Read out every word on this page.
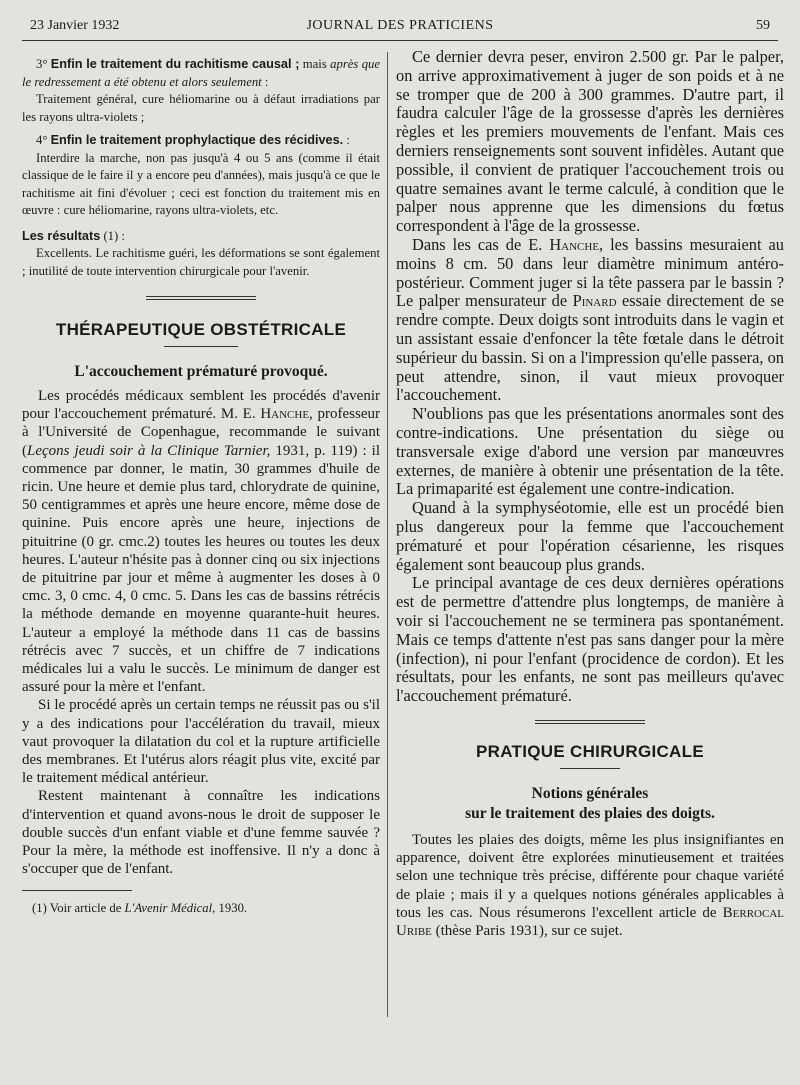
23 Janvier 1932	JOURNAL DES PRATICIENS	59

3° Enfin le traitement du rachitisme causal ; mais après que le redressement a été obtenu et alors seulement :

Traitement général, cure héliomarine ou à défaut irradiations par les rayons ultra-violets ;

4° Enfin le traitement prophylactique des récidives. :

Interdire la marche, non pas jusqu'à 4 ou 5 ans (comme il était classique de le faire il y a encore peu d'années), mais jusqu'à ce que le rachitisme ait fini d'évoluer ; ceci est fonction du traitement mis en œuvre : cure héliomarine, rayons ultra-violets, etc.

Les résultats (1) :

Excellents. Le rachitisme guéri, les déformations se sont également ; inutilité de toute intervention chirurgicale pour l'avenir.

THÉRAPEUTIQUE OBSTÉTRICALE

L'accouchement prématuré provoqué.

Les procédés médicaux semblent les procédés d'avenir pour l'accouchement prématuré. M. E. Hanche, professeur à l'Université de Copenhague, recommande le suivant (Leçons jeudi soir à la Clinique Tarnier, 1931, p. 119) : il commence par donner, le matin, 30 grammes d'huile de ricin. Une heure et demie plus tard, chlorydrate de quinine, 50 centigrammes et après une heure encore, même dose de quinine. Puis encore après une heure, injections de pituitrine (0 gr. cmc.2) toutes les heures ou toutes les deux heures. L'auteur n'hésite pas à donner cinq ou six injections de pituitrine par jour et même à augmenter les doses à 0 cmc. 3, 0 cmc. 4, 0 cmc. 5. Dans les cas de bassins rétrécis la méthode demande en moyenne quarante-huit heures. L'auteur a employé la méthode dans 11 cas de bassins rétrécis avec 7 succès, et un chiffre de 7 indications médicales lui a valu le succès. Le minimum de danger est assuré pour la mère et l'enfant.

Si le procédé après un certain temps ne réussit pas ou s'il y a des indications pour l'accélération du travail, mieux vaut provoquer la dilatation du col et la rupture artificielle des membranes. Et l'utérus alors réagit plus vite, excité par le traitement médical antérieur.

Restent maintenant à connaître les indications d'intervention et quand avons-nous le droit de supposer le double succès d'un enfant viable et d'une femme sauvée ? Pour la mère, la méthode est inoffensive. Il n'y a donc à s'occuper que de l'enfant.

(1) Voir article de L'Avenir Médical, 1930.

Ce dernier devra peser, environ 2.500 gr. Par le palper, on arrive approximativement à juger de son poids et à ne se tromper que de 200 à 300 grammes. D'autre part, il faudra calculer l'âge de la grossesse d'après les dernières règles et les premiers mouvements de l'enfant. Mais ces derniers renseignements sont souvent infidèles. Autant que possible, il convient de pratiquer l'accouchement trois ou quatre semaines avant le terme calculé, à condition que le palper nous apprenne que les dimensions du fœtus correspondent à l'âge de la grossesse.

Dans les cas de E. Hanche, les bassins mesuraient au moins 8 cm. 50 dans leur diamètre minimum antéro-postérieur. Comment juger si la tête passera par le bassin ? Le palper mensurateur de Pinard essaie directement de se rendre compte. Deux doigts sont introduits dans le vagin et un assistant essaie d'enfoncer la tête fœtale dans le détroit supérieur du bassin. Si on a l'impression qu'elle passera, on peut attendre, sinon, il vaut mieux provoquer l'accouchement.

N'oublions pas que les présentations anormales sont des contre-indications. Une présentation du siège ou transversale exige d'abord une version par manœuvres externes, de manière à obtenir une présentation de la tête. La primaparité est également une contre-indication.

Quand à la symphyséotomie, elle est un procédé bien plus dangereux pour la femme que l'accouchement prématuré et pour l'opération césarienne, les risques également sont beaucoup plus grands.

Le principal avantage de ces deux dernières opérations est de permettre d'attendre plus longtemps, de manière à voir si l'accouchement ne se terminera pas spontanément. Mais ce temps d'attente n'est pas sans danger pour la mère (infection), ni pour l'enfant (procidence de cordon). Et les résultats, pour les enfants, ne sont pas meilleurs qu'avec l'accouchement prématuré.

PRATIQUE CHIRURGICALE

Notions générales

sur le traitement des plaies des doigts.

Toutes les plaies des doigts, même les plus insignifiantes en apparence, doivent être explorées minutieusement et traitées selon une technique très précise, différente pour chaque variété de plaie ; mais il y a quelques notions générales applicables à tous les cas. Nous résumerons l'excellent article de Berrocal Uribe (thèse Paris 1931), sur ce sujet.
